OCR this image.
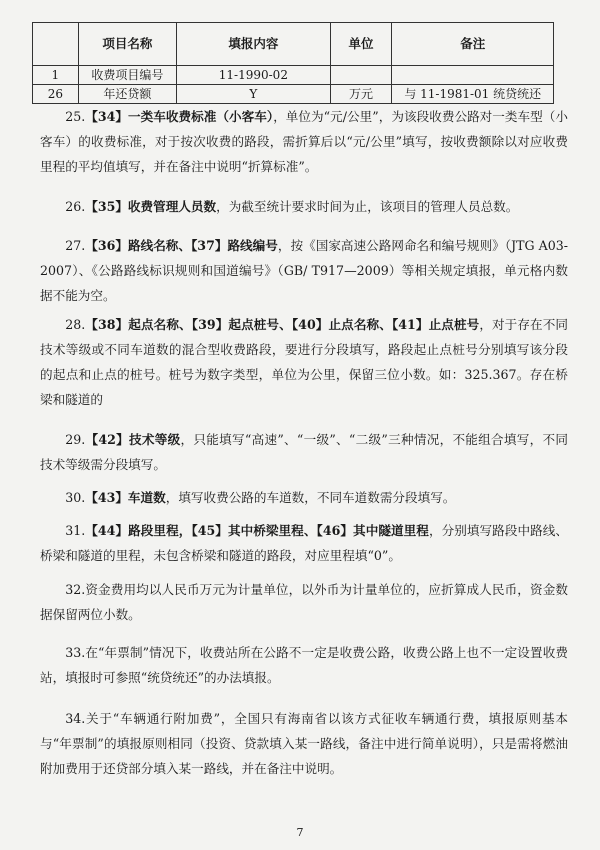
	项目名称	填报内容	单位	备注
1	收费项目编号	11-1990-02		
26	年还贷额	Y	万元	与 11-1981-01 统贷统还

25.【34】一类车收费标准（小客车），单位为“元/公里”，为该段收费公路对一类车型（小客车）的收费标准，对于按次收费的路段，需折算后以“元/公里”填写，按收费额除以对应收费里程的平均值填写，并在备注中说明“折算标准”。

26.【35】收费管理人员数，为截至统计要求时间为止，该项目的管理人员总数。

27.【36】路线名称、【37】路线编号，按《国家高速公路网命名和编号规则》（JTG A03-2007）、《公路路线标识规则和国道编号》（GB/ T917—2009）等相关规定填报，单元格内数据不能为空。

28.【38】起点名称、【39】起点桩号、【40】止点名称、【41】止点桩号，对于存在不同技术等级或不同车道数的混合型收费路段，要进行分段填写，路段起止点桩号分别填写该分段的起点和止点的桩号。桩号为数字类型，单位为公里，保留三位小数。如：325.367。存在桥梁和隧道的

29.【42】技术等级，只能填写“高速”、“一级”、“二级”三种情况，不能组合填写，不同技术等级需分段填写。

30.【43】车道数，填写收费公路的车道数，不同车道数需分段填写。

31.【44】路段里程，【45】其中桥梁里程、【46】其中隧道里程，分别填写路段中路线、桥梁和隧道的里程，未包含桥梁和隧道的路段，对应里程填“0”。

32.资金费用均以人民币万元为计量单位，以外币为计量单位的，应折算成人民币，资金数据保留两位小数。

33.在“年票制”情况下，收费站所在公路不一定是收费公路，收费公路上也不一定设置收费站，填报时可参照“统贷统还”的办法填报。

34.关于“车辆通行附加费”，全国只有海南省以该方式征收车辆通行费，填报原则基本与“年票制”的填报原则相同（投资、贷款填入某一路线，备注中进行简单说明），只是需将燃油附加费用于还贷部分填入某一路线，并在备注中说明。

7
